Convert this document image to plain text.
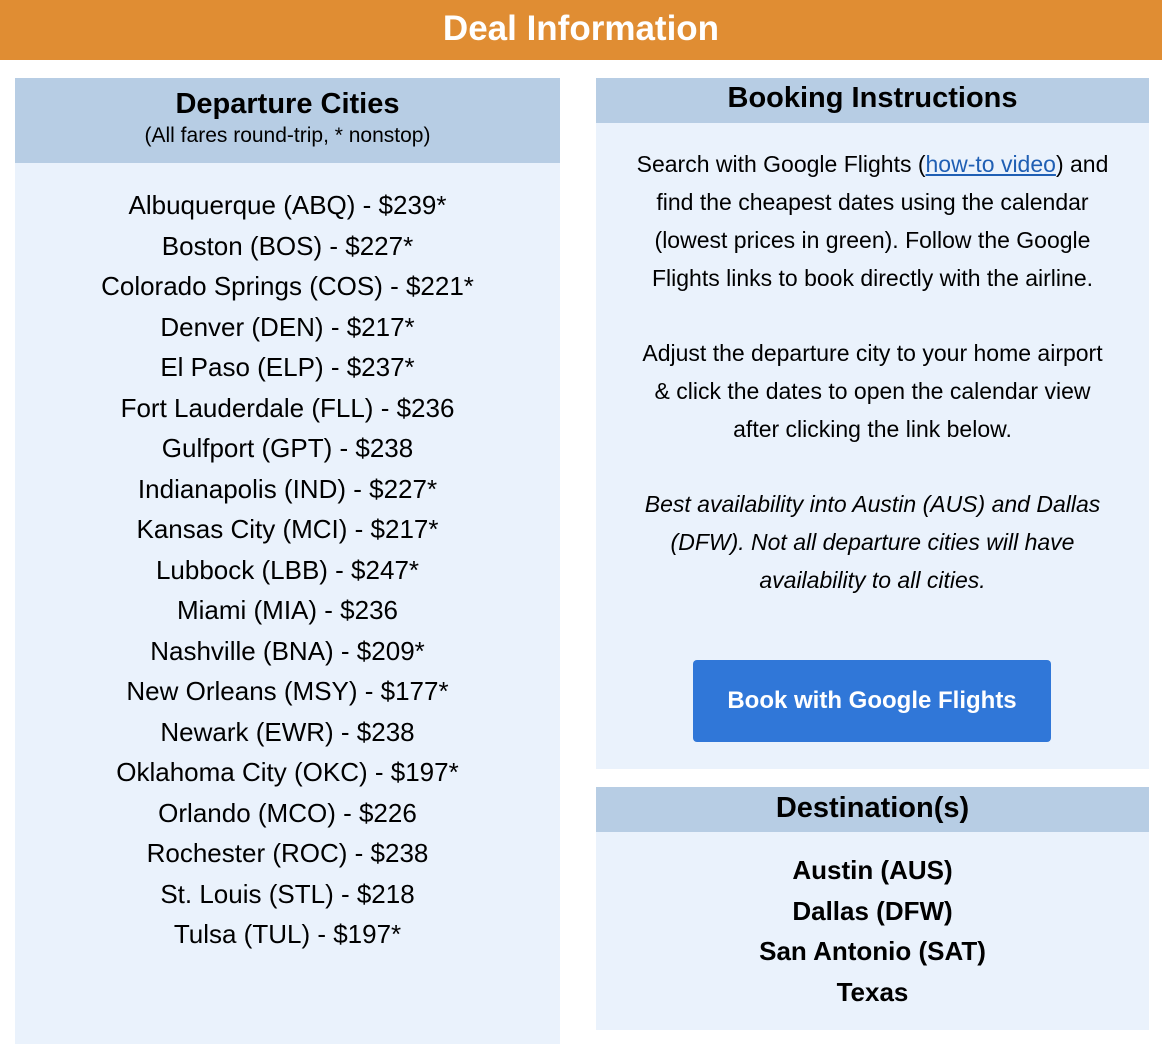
Deal Information
Departure Cities
(All fares round-trip, * nonstop)
Albuquerque (ABQ) - $239*
Boston (BOS) - $227*
Colorado Springs (COS) - $221*
Denver (DEN) - $217*
El Paso (ELP) - $237*
Fort Lauderdale (FLL) - $236
Gulfport (GPT) - $238
Indianapolis (IND) - $227*
Kansas City (MCI) - $217*
Lubbock (LBB) - $247*
Miami (MIA) - $236
Nashville (BNA) - $209*
New Orleans (MSY) - $177*
Newark (EWR) - $238
Oklahoma City (OKC) - $197*
Orlando (MCO) - $226
Rochester (ROC) - $238
St. Louis (STL) - $218
Tulsa (TUL) - $197*
Booking Instructions

Search with Google Flights (how-to video) and find the cheapest dates using the calendar (lowest prices in green). Follow the Google Flights links to book directly with the airline.

Adjust the departure city to your home airport & click the dates to open the calendar view after clicking the link below.

Best availability into Austin (AUS) and Dallas (DFW). Not all departure cities will have availability to all cities.

Book with Google Flights
Destination(s)
Austin (AUS)
Dallas (DFW)
San Antonio (SAT)
Texas
